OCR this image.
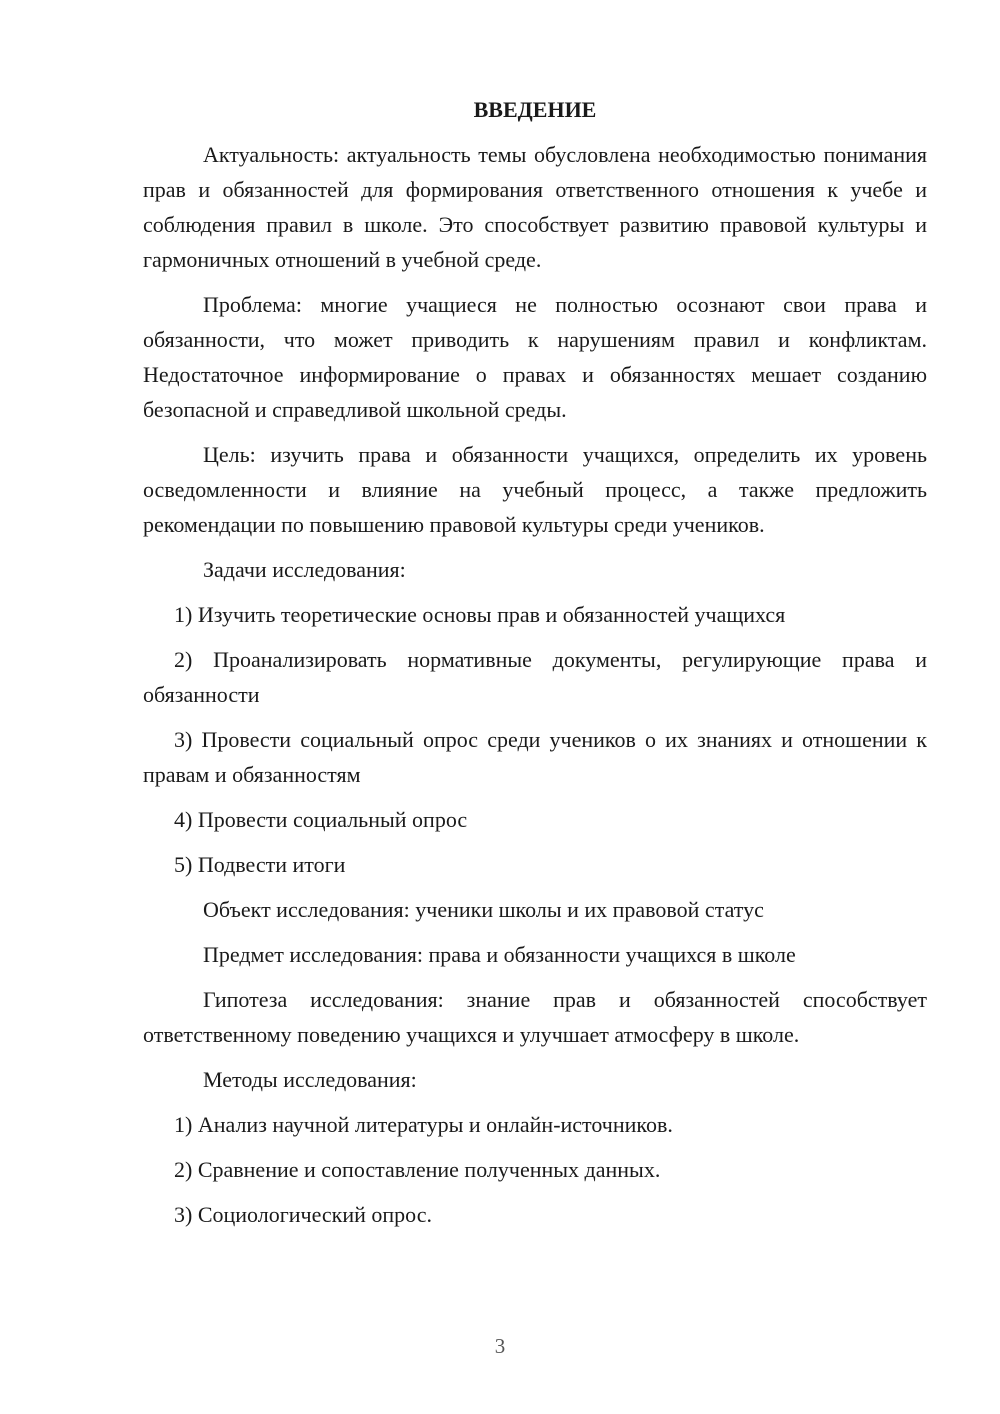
ВВЕДЕНИЕ

Актуальность: актуальность темы обусловлена необходимостью понимания прав и обязанностей для формирования ответственного отношения к учебе и соблюдения правил в школе. Это способствует развитию правовой культуры и гармоничных отношений в учебной среде.

Проблема: многие учащиеся не полностью осознают свои права и обязанности, что может приводить к нарушениям правил и конфликтам. Недостаточное информирование о правах и обязанностях мешает созданию безопасной и справедливой школьной среды.

Цель: изучить права и обязанности учащихся, определить их уровень осведомленности и влияние на учебный процесс, а также предложить рекомендации по повышению правовой культуры среди учеников.

Задачи исследования:

1) Изучить теоретические основы прав и обязанностей учащихся

2) Проанализировать нормативные документы, регулирующие права и обязанности

3) Провести социальный опрос среди учеников о их знаниях и отношении к правам и обязанностям

4) Провести социальный опрос

5) Подвести итоги

Объект исследования: ученики школы и их правовой статус

Предмет исследования: права и обязанности учащихся в школе

Гипотеза исследования: знание прав и обязанностей способствует ответственному поведению учащихся и улучшает атмосферу в школе.

Методы исследования:

1) Анализ научной литературы и онлайн-источников.

2) Сравнение и сопоставление полученных данных.

3) Социологический опрос.

3
